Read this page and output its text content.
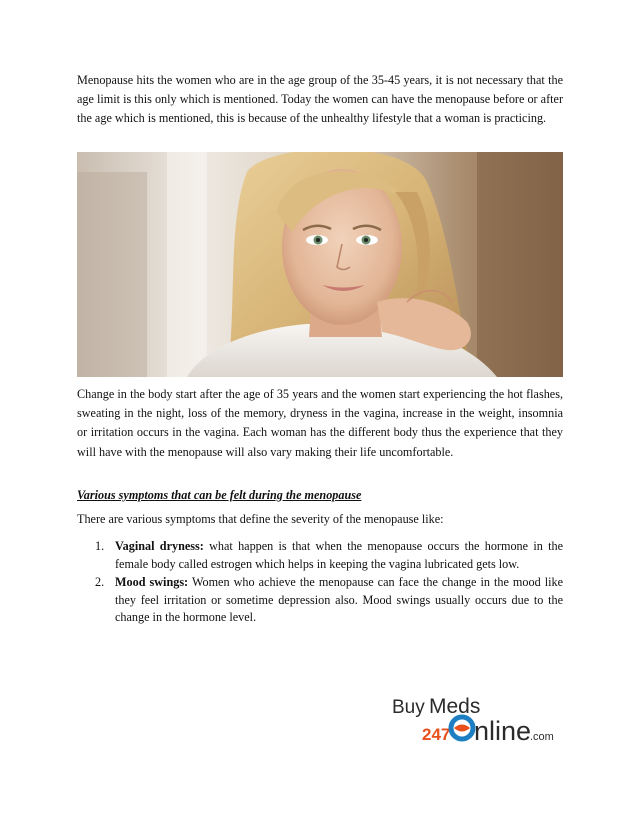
Menopause hits the women who are in the age group of the 35-45 years, it is not necessary that the age limit is this only which is mentioned. Today the women can have the menopause before or after the age which is mentioned, this is because of the unhealthy lifestyle that a woman is practicing.

Change in the body start after the age of 35 years and the women start experiencing the hot flashes, sweating in the night, loss of the memory, dryness in the vagina, increase in the weight, insomnia or irritation occurs in the vagina. Each woman has the different body thus the experience that they will have with the menopause will also vary making their life uncomfortable.

Various symptoms that can be felt during the menopause

There are various symptoms that define the severity of the menopause like:

1. Vaginal dryness: what happen is that when the menopause occurs the hormone in the female body called estrogen which helps in keeping the vagina lubricated gets low.
2. Mood swings: Women who achieve the menopause can face the change in the mood like they feel irritation or sometime depression also. Mood swings usually occurs due to the change in the hormone level.
Buy Meds
247 nline
.com
